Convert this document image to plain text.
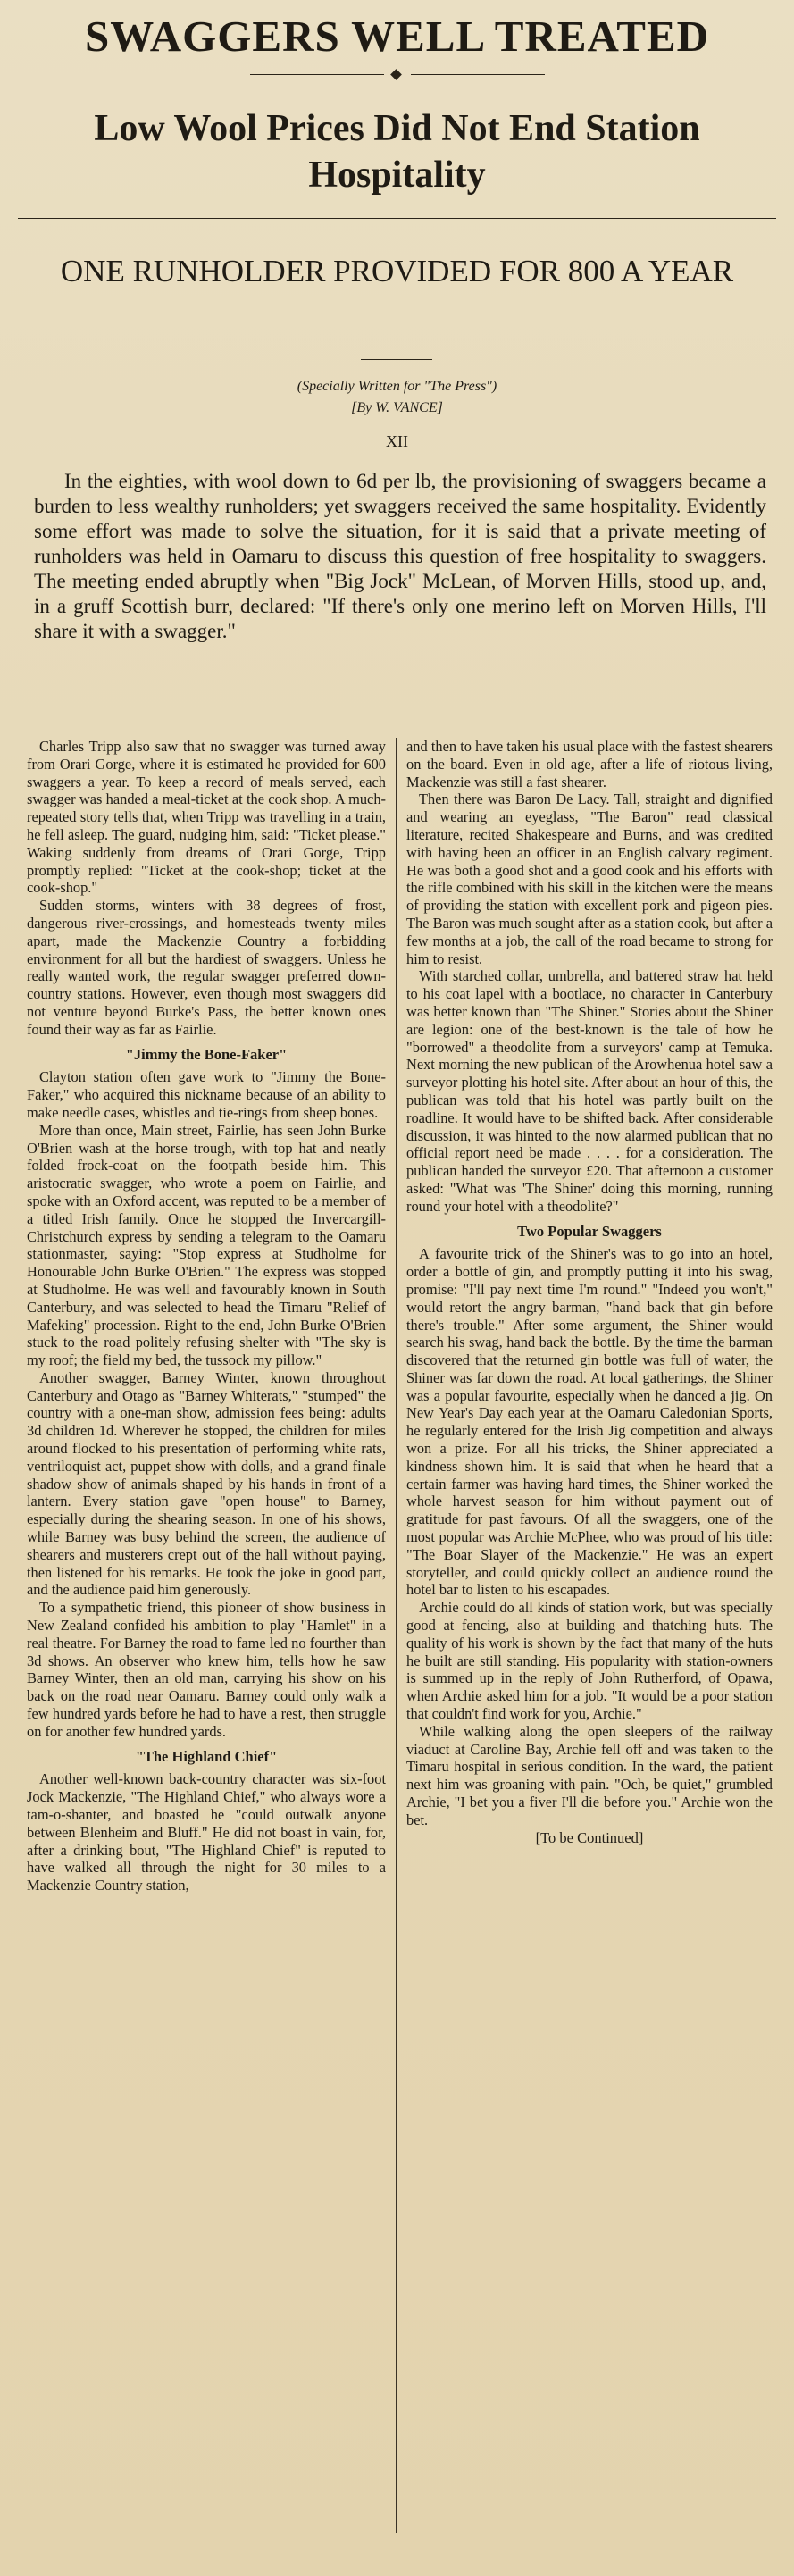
SWAGGERS WELL TREATED
Low Wool Prices Did Not End Station Hospitality
ONE RUNHOLDER PROVIDED FOR 800 A YEAR

(Specially Written for "The Press")

[By W. VANCE]

XII

In the eighties, with wool down to 6d per lb, the provisioning of swaggers became a burden to less wealthy runholders; yet swaggers received the same hospitality. Evidently some effort was made to solve the situation, for it is said that a private meeting of runholders was held in Oamaru to discuss this question of free hospitality to swaggers. The meeting ended abruptly when "Big Jock" McLean, of Morven Hills, stood up, and, in a gruff Scottish burr, declared: "If there's only one merino left on Morven Hills, I'll share it with a swagger."

Charles Tripp also saw that no swagger was turned away from Orari Gorge, where it is estimated he provided for 600 swaggers a year. To keep a record of meals served, each swagger was handed a meal-ticket at the cook shop. A much-repeated story tells that, when Tripp was travelling in a train, he fell asleep. The guard, nudging him, said: "Ticket please." Waking suddenly from dreams of Orari Gorge, Tripp promptly replied: "Ticket at the cook-shop; ticket at the cook-shop."

Sudden storms, winters with 38 degrees of frost, dangerous river-crossings, and homesteads twenty miles apart, made the Mackenzie Country a forbidding environment for all but the hardiest of swaggers. Unless he really wanted work, the regular swagger preferred down-country stations. However, even though most swaggers did not venture beyond Burke's Pass, the better known ones found their way as far as Fairlie.

"Jimmy the Bone-Faker"

Clayton station often gave work to "Jimmy the Bone-Faker," who acquired this nickname because of an ability to make needle cases, whistles and tie-rings from sheep bones.

More than once, Main street, Fairlie, has seen John Burke O'Brien wash at the horse trough, with top hat and neatly folded frock-coat on the footpath beside him. This aristocratic swagger, who wrote a poem on Fairlie, and spoke with an Oxford accent, was reputed to be a member of a titled Irish family. Once he stopped the Invercargill-Christchurch express by sending a telegram to the Oamaru stationmaster, saying: "Stop express at Studholme for Honourable John Burke O'Brien." The express was stopped at Studholme. He was well and favourably known in South Canterbury, and was selected to head the Timaru "Relief of Mafeking" procession. Right to the end, John Burke O'Brien stuck to the road politely refusing shelter with "The sky is my roof; the field my bed, the tussock my pillow."

Another swagger, Barney Winter, known throughout Canterbury and Otago as "Barney Whiterats," "stumped" the country with a one-man show, admission fees being: adults 3d children 1d. Wherever he stopped, the children for miles around flocked to his presentation of performing white rats, ventriloquist act, puppet show with dolls, and a grand finale shadow show of animals shaped by his hands in front of a lantern. Every station gave "open house" to Barney, especially during the shearing season. In one of his shows, while Barney was busy behind the screen, the audience of shearers and musterers crept out of the hall without paying, then listened for his remarks. He took the joke in good part, and the audience paid him generously.

To a sympathetic friend, this pioneer of show business in New Zealand confided his ambition to play "Hamlet" in a real theatre. For Barney the road to fame led no fourther than 3d shows. An observer who knew him, tells how he saw Barney Winter, then an old man, carrying his show on his back on the road near Oamaru. Barney could only walk a few hundred yards before he had to have a rest, then struggle on for another few hundred yards.

"The Highland Chief"

Another well-known back-country character was six-foot Jock Mackenzie, "The Highland Chief," who always wore a tam-o-shanter, and boasted he "could outwalk anyone between Blenheim and Bluff." He did not boast in vain, for, after a drinking bout, "The Highland Chief" is reputed to have walked all through the night for 30 miles to a Mackenzie Country station,

and then to have taken his usual place with the fastest shearers on the board. Even in old age, after a life of riotous living, Mackenzie was still a fast shearer.

Then there was Baron De Lacy. Tall, straight and dignified and wearing an eyeglass, "The Baron" read classical literature, recited Shakespeare and Burns, and was credited with having been an officer in an English calvary regiment. He was both a good shot and a good cook and his efforts with the rifle combined with his skill in the kitchen were the means of providing the station with excellent pork and pigeon pies. The Baron was much sought after as a station cook, but after a few months at a job, the call of the road became to strong for him to resist.

With starched collar, umbrella, and battered straw hat held to his coat lapel with a bootlace, no character in Canterbury was better known than "The Shiner." Stories about the Shiner are legion: one of the best-known is the tale of how he "borrowed" a theodolite from a surveyors' camp at Temuka. Next morning the new publican of the Arowhenua hotel saw a surveyor plotting his hotel site. After about an hour of this, the publican was told that his hotel was partly built on the roadline. It would have to be shifted back. After considerable discussion, it was hinted to the now alarmed publican that no official report need be made . . . . for a consideration. The publican handed the surveyor £20. That afternoon a customer asked: "What was 'The Shiner' doing this morning, running round your hotel with a theodolite?"

Two Popular Swaggers

A favourite trick of the Shiner's was to go into an hotel, order a bottle of gin, and promptly putting it into his swag, promise: "I'll pay next time I'm round." "Indeed you won't," would retort the angry barman, "hand back that gin before there's trouble." After some argument, the Shiner would search his swag, hand back the bottle. By the time the barman discovered that the returned gin bottle was full of water, the Shiner was far down the road. At local gatherings, the Shiner was a popular favourite, especially when he danced a jig. On New Year's Day each year at the Oamaru Caledonian Sports, he regularly entered for the Irish Jig competition and always won a prize. For all his tricks, the Shiner appreciated a kindness shown him. It is said that when he heard that a certain farmer was having hard times, the Shiner worked the whole harvest season for him without payment out of gratitude for past favours. Of all the swaggers, one of the most popular was Archie McPhee, who was proud of his title: "The Boar Slayer of the Mackenzie." He was an expert storyteller, and could quickly collect an audience round the hotel bar to listen to his escapades.

Archie could do all kinds of station work, but was specially good at fencing, also at building and thatching huts. The quality of his work is shown by the fact that many of the huts he built are still standing. His popularity with station-owners is summed up in the reply of John Rutherford, of Opawa, when Archie asked him for a job. "It would be a poor station that couldn't find work for you, Archie."

While walking along the open sleepers of the railway viaduct at Caroline Bay, Archie fell off and was taken to the Timaru hospital in serious condition. In the ward, the patient next him was groaning with pain. "Och, be quiet," grumbled Archie, "I bet you a fiver I'll die before you." Archie won the bet.

[To be Continued]
